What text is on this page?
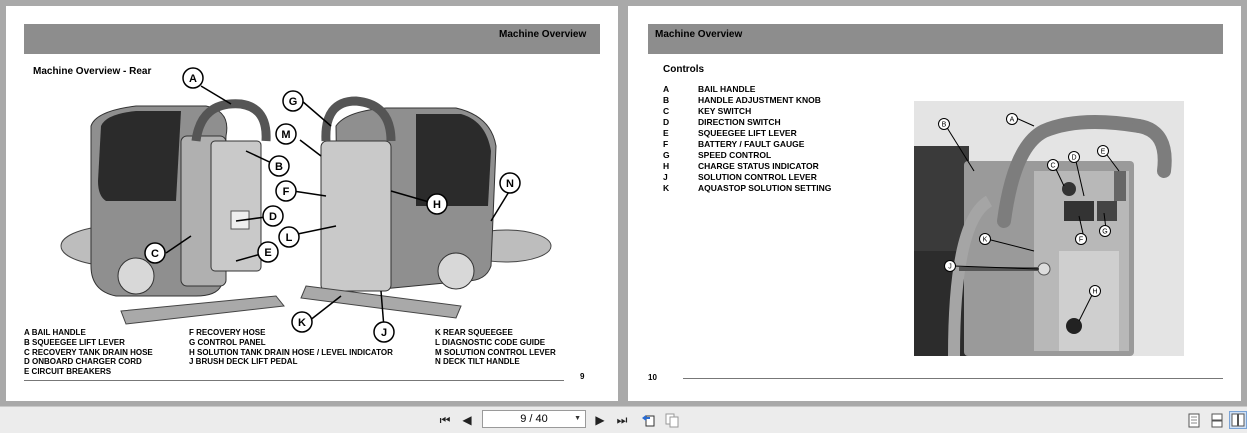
Machine Overview
Machine Overview - Rear
A
B
C
D
E
F
G
H
J
K
L
M
N
A BAIL HANDLE
B SQUEEGEE LIFT LEVER
C RECOVERY TANK DRAIN HOSE
D ONBOARD CHARGER CORD
E CIRCUIT BREAKERS
F RECOVERY HOSE
G CONTROL PANEL
H SOLUTION TANK DRAIN HOSE / LEVEL INDICATOR
J BRUSH DECK LIFT PEDAL
K REAR SQUEEGEE
L DIAGNOSTIC CODE GUIDE
M SOLUTION CONTROL LEVER
N DECK TILT HANDLE
9
Machine Overview
Controls
A	BAIL HANDLE
B	HANDLE ADJUSTMENT KNOB
C	KEY SWITCH
D	DIRECTION SWITCH
E	SQUEEGEE LIFT LEVER
F	BATTERY / FAULT GAUGE
G	SPEED CONTROL
H	CHARGE STATUS INDICATOR
J	SOLUTION CONTROL LEVER
K	AQUASTOP SOLUTION SETTING
A
B
C
D
E
F
G
H
J
K
10
⏮ ◀	9 / 40	▼ ▶ ⏭
